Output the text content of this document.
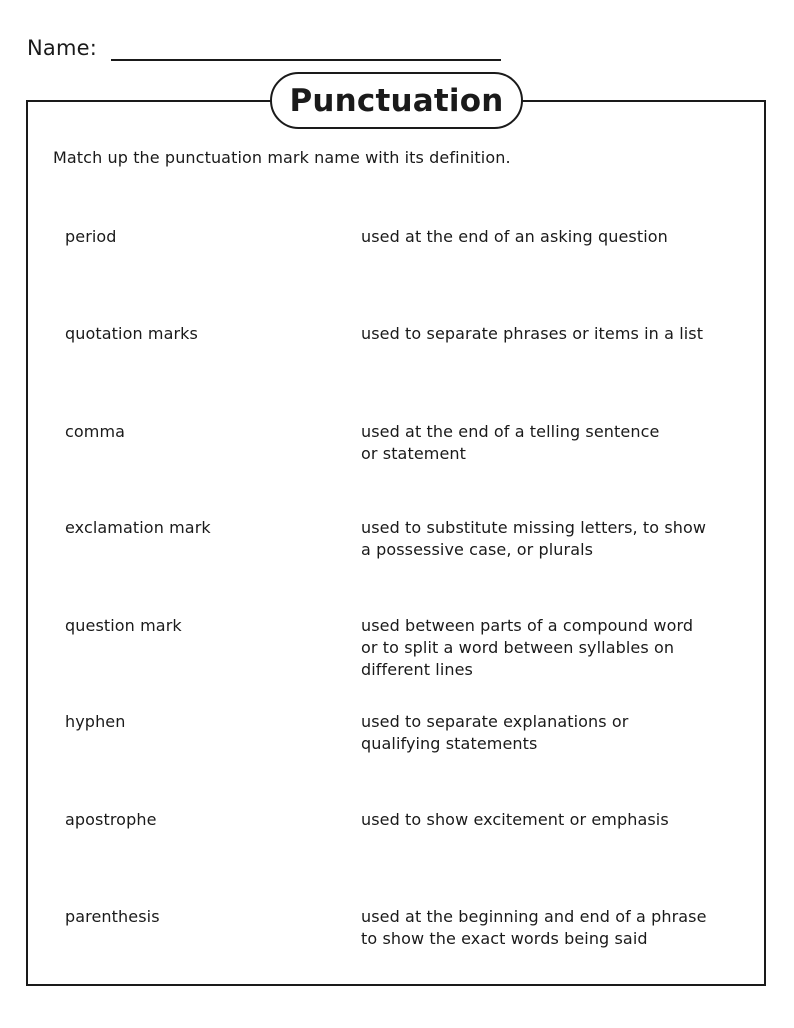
Name:
Punctuation
Match up the punctuation mark name with its definition.
period	used at the end of an asking question
quotation marks	used to separate phrases or items in a list
comma	used at the end of a telling sentence
or statement
exclamation mark	used to substitute missing letters, to show
a possessive case, or plurals
question mark	used between parts of a compound word
or to split a word between syllables on
different lines
hyphen	used to separate explanations or
qualifying statements
apostrophe	used to show excitement or emphasis
parenthesis	used at the beginning and end of a phrase
to show the exact words being said
